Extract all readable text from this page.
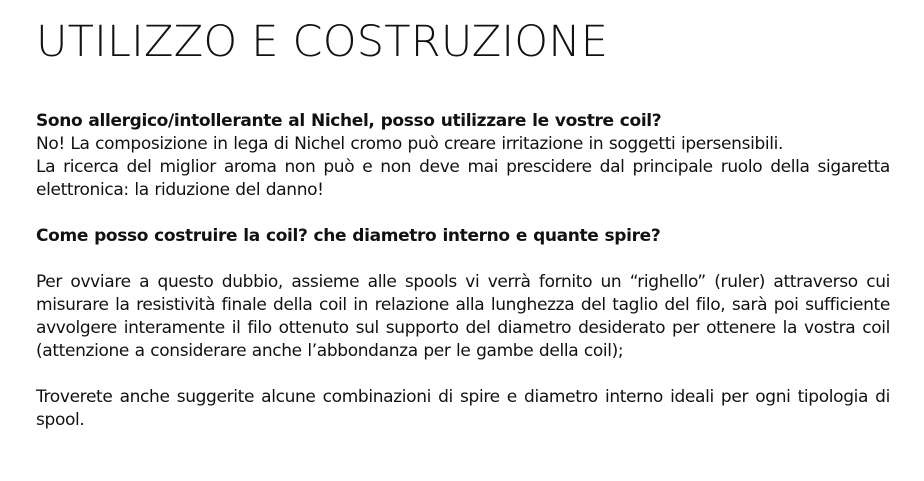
UTILIZZO E COSTRUZIONE

Sono allergico/intollerante al Nichel, posso utilizzare le vostre coil?

No! La composizione in lega di Nichel cromo può creare irritazione in soggetti ipersensibili.

La ricerca del miglior aroma non può e non deve mai prescidere dal principale ruolo della sigaretta elettronica: la riduzione del danno!

Come posso costruire la coil? che diametro interno e quante spire?

Per ovviare a questo dubbio, assieme alle spools vi verrà fornito un “righello” (ruler) attraverso cui misurare la resistività finale della coil in relazione alla lunghezza del taglio del filo, sarà poi sufficiente avvolgere interamente il filo ottenuto sul supporto del diametro desiderato per ottenere la vostra coil (attenzione a considerare anche l’abbondanza per le gambe della coil);

Troverete anche suggerite alcune combinazioni di spire e diametro interno ideali per ogni tipologia di spool.
